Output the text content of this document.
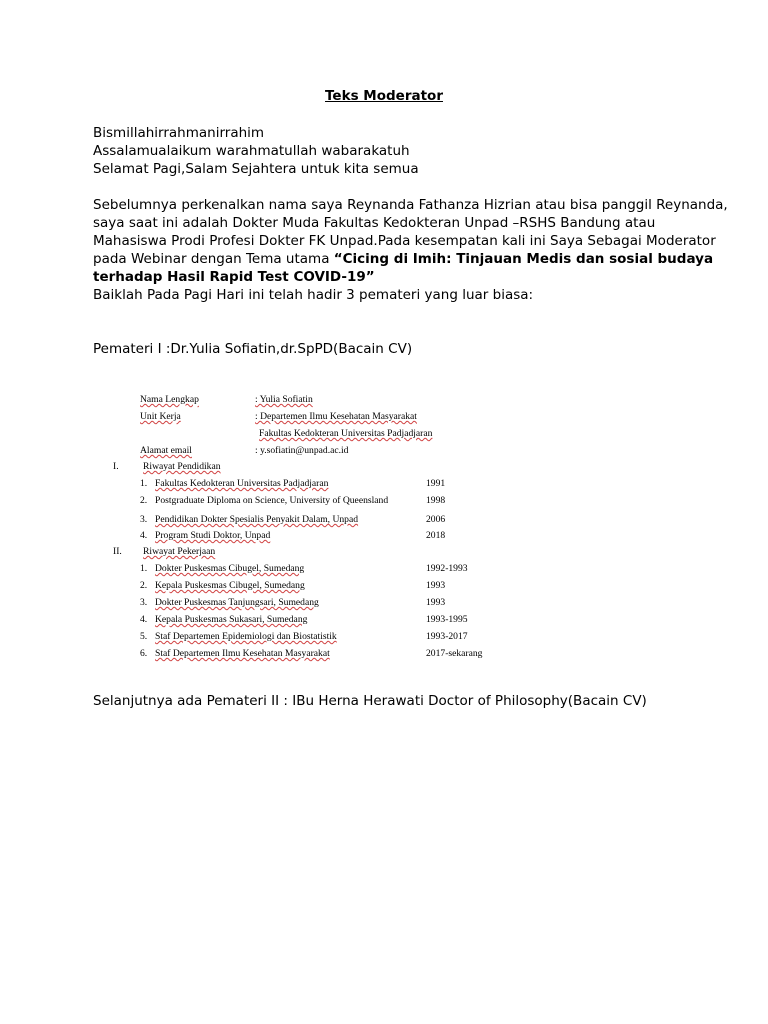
Teks Moderator
Bismillahirrahmanirrahim
Assalamualaikum warahmatullah wabarakatuh
Selamat Pagi,Salam Sejahtera untuk kita semua
Sebelumnya perkenalkan nama saya Reynanda Fathanza Hizrian atau bisa panggil Reynanda,
saya saat ini adalah Dokter Muda Fakultas Kedokteran Unpad –RSHS Bandung atau
Mahasiswa Prodi Profesi Dokter FK Unpad.Pada kesempatan kali ini Saya Sebagai Moderator
pada Webinar dengan Tema utama “Cicing di Imih: Tinjauan Medis dan sosial budaya
terhadap Hasil Rapid Test COVID-19”
Baiklah Pada Pagi Hari ini telah hadir 3 pemateri yang luar biasa:
Pemateri I :Dr.Yulia Sofiatin,dr.SpPD(Bacain CV)
Nama Lengkap	: Yulia Sofiatin
Unit Kerja	: Departemen Ilmu Kesehatan Masyarakat
Fakultas Kedokteran Universitas Padjadjaran
Alamat email	: y.sofiatin@unpad.ac.id
I.	Riwayat Pendidikan
1. Fakultas Kedokteran Universitas Padjadjaran	1991
2. Postgraduate Diploma on Science, University of Queensland	1998
3. Pendidikan Dokter Spesialis Penyakit Dalam, Unpad	2006
4. Program Studi Doktor, Unpad	2018
II. Riwayat Pekerjaan
1. Dokter Puskesmas Cibugel, Sumedang	1992-1993
2. Kepala Puskesmas Cibugel, Sumedang	1993
3. Dokter Puskesmas Tanjungsari, Sumedang	1993
4. Kepala Puskesmas Sukasari, Sumedang	1993-1995
5. Staf Departemen Epidemiologi dan Biostatistik	1993-2017
6. Staf Departemen Ilmu Kesehatan Masyarakat	2017-sekarang
Selanjutnya ada Pemateri II : IBu Herna Herawati Doctor of Philosophy(Bacain CV)
